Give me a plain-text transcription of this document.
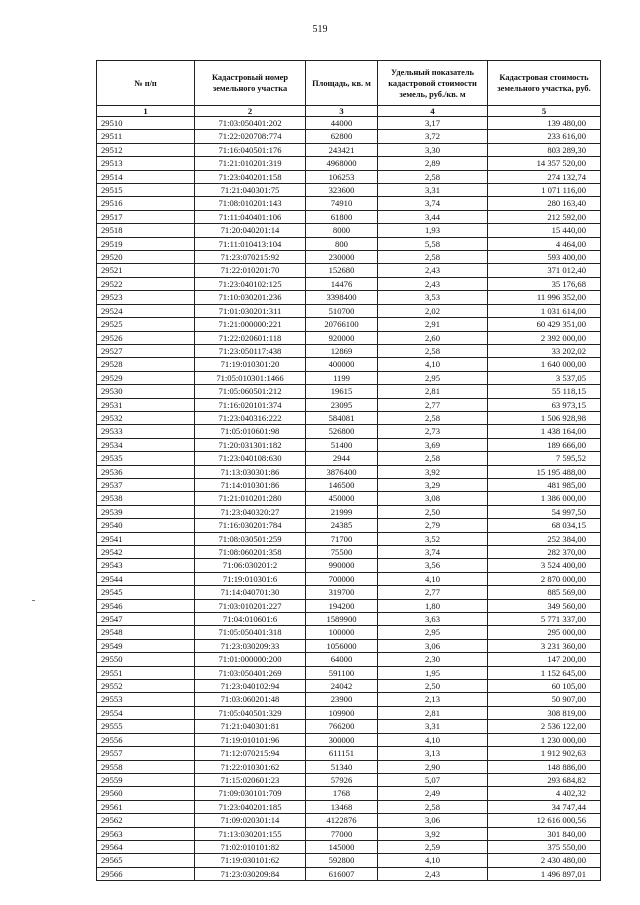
519
№ п/п	Кадастровый номер земельного участка	Площадь, кв. м	Удельный показатель кадастровой стоимости земель, руб./кв. м	Кадастровая стоимость земельного участка, руб.
1	2	3	4	5
29510	71:03:050401:202	44000	3,17	139 480,00
29511	71:22:020708:774	62800	3,72	233 616,00
29512	71:16:040501:176	243421	3,30	803 289,30
29513	71:21:010201:319	4968000	2,89	14 357 520,00
29514	71:23:040201:158	106253	2,58	274 132,74
29515	71:21:040301:75	323600	3,31	1 071 116,00
29516	71:08:010201:143	74910	3,74	280 163,40
29517	71:11:040401:106	61800	3,44	212 592,00
29518	71:20:040201:14	8000	1,93	15 440,00
29519	71:11:010413:104	800	5,58	4 464,00
29520	71:23:070215:92	230000	2,58	593 400,00
29521	71:22:010201:70	152680	2,43	371 012,40
29522	71:23:040102:125	14476	2,43	35 176,68
29523	71:10:030201:236	3398400	3,53	11 996 352,00
29524	71:01:030201:311	510700	2,02	1 031 614,00
29525	71:21:000000:221	20766100	2,91	60 429 351,00
29526	71:22:020601:118	920000	2,60	2 392 000,00
29527	71:23:050117:438	12869	2,58	33 202,02
29528	71:19:010301:20	400000	4,10	1 640 000,00
29529	71:05:010301:1466	1199	2,95	3 537,05
29530	71:05:060501:212	19615	2,81	55 118,15
29531	71:16:020101:374	23095	2,77	63 973,15
29532	71:23:040316:222	584081	2,58	1 506 928,98
29533	71:05:010601:98	526800	2,73	1 438 164,00
29534	71:20:031301:182	51400	3,69	189 666,00
29535	71:23:040108:630	2944	2,58	7 595,52
29536	71:13:030301:86	3876400	3,92	15 195 488,00
29537	71:14:010301:86	146500	3,29	481 985,00
29538	71:21:010201:280	450000	3,08	1 386 000,00
29539	71:23:040320:27	21999	2,50	54 997,50
29540	71:16:030201:784	24385	2,79	68 034,15
29541	71:08:030501:259	71700	3,52	252 384,00
29542	71:08:060201:358	75500	3,74	282 370,00
29543	71:06:030201:2	990000	3,56	3 524 400,00
29544	71:19:010301:6	700000	4,10	2 870 000,00
29545	71:14:040701:30	319700	2,77	885 569,00
29546	71:03:010201:227	194200	1,80	349 560,00
29547	71:04:010601:6	1589900	3,63	5 771 337,00
29548	71:05:050401:318	100000	2,95	295 000,00
29549	71:23:030209:33	1056000	3,06	3 231 360,00
29550	71:01:000000:200	64000	2,30	147 200,00
29551	71:03:050401:269	591100	1,95	1 152 645,00
29552	71:23:040102:94	24042	2,50	60 105,00
29553	71:03:060201:48	23900	2,13	50 907,00
29554	71:05:040501:329	109900	2,81	308 819,00
29555	71:21:040301:81	766200	3,31	2 536 122,00
29556	71:19:010101:96	300000	4,10	1 230 000,00
29557	71:12:070215:94	611151	3,13	1 912 902,63
29558	71:22:010301:62	51340	2,90	148 886,00
29559	71:15:020601:23	57926	5,07	293 684,82
29560	71:09:030101:709	1768	2,49	4 402,32
29561	71:23:040201:185	13468	2,58	34 747,44
29562	71:09:020301:14	4122876	3,06	12 616 000,56
29563	71:13:030201:155	77000	3,92	301 840,00
29564	71:02:010101:82	145000	2,59	375 550,00
29565	71:19:030101:62	592800	4,10	2 430 480,00
29566	71:23:030209:84	616007	2,43	1 496 897,01
